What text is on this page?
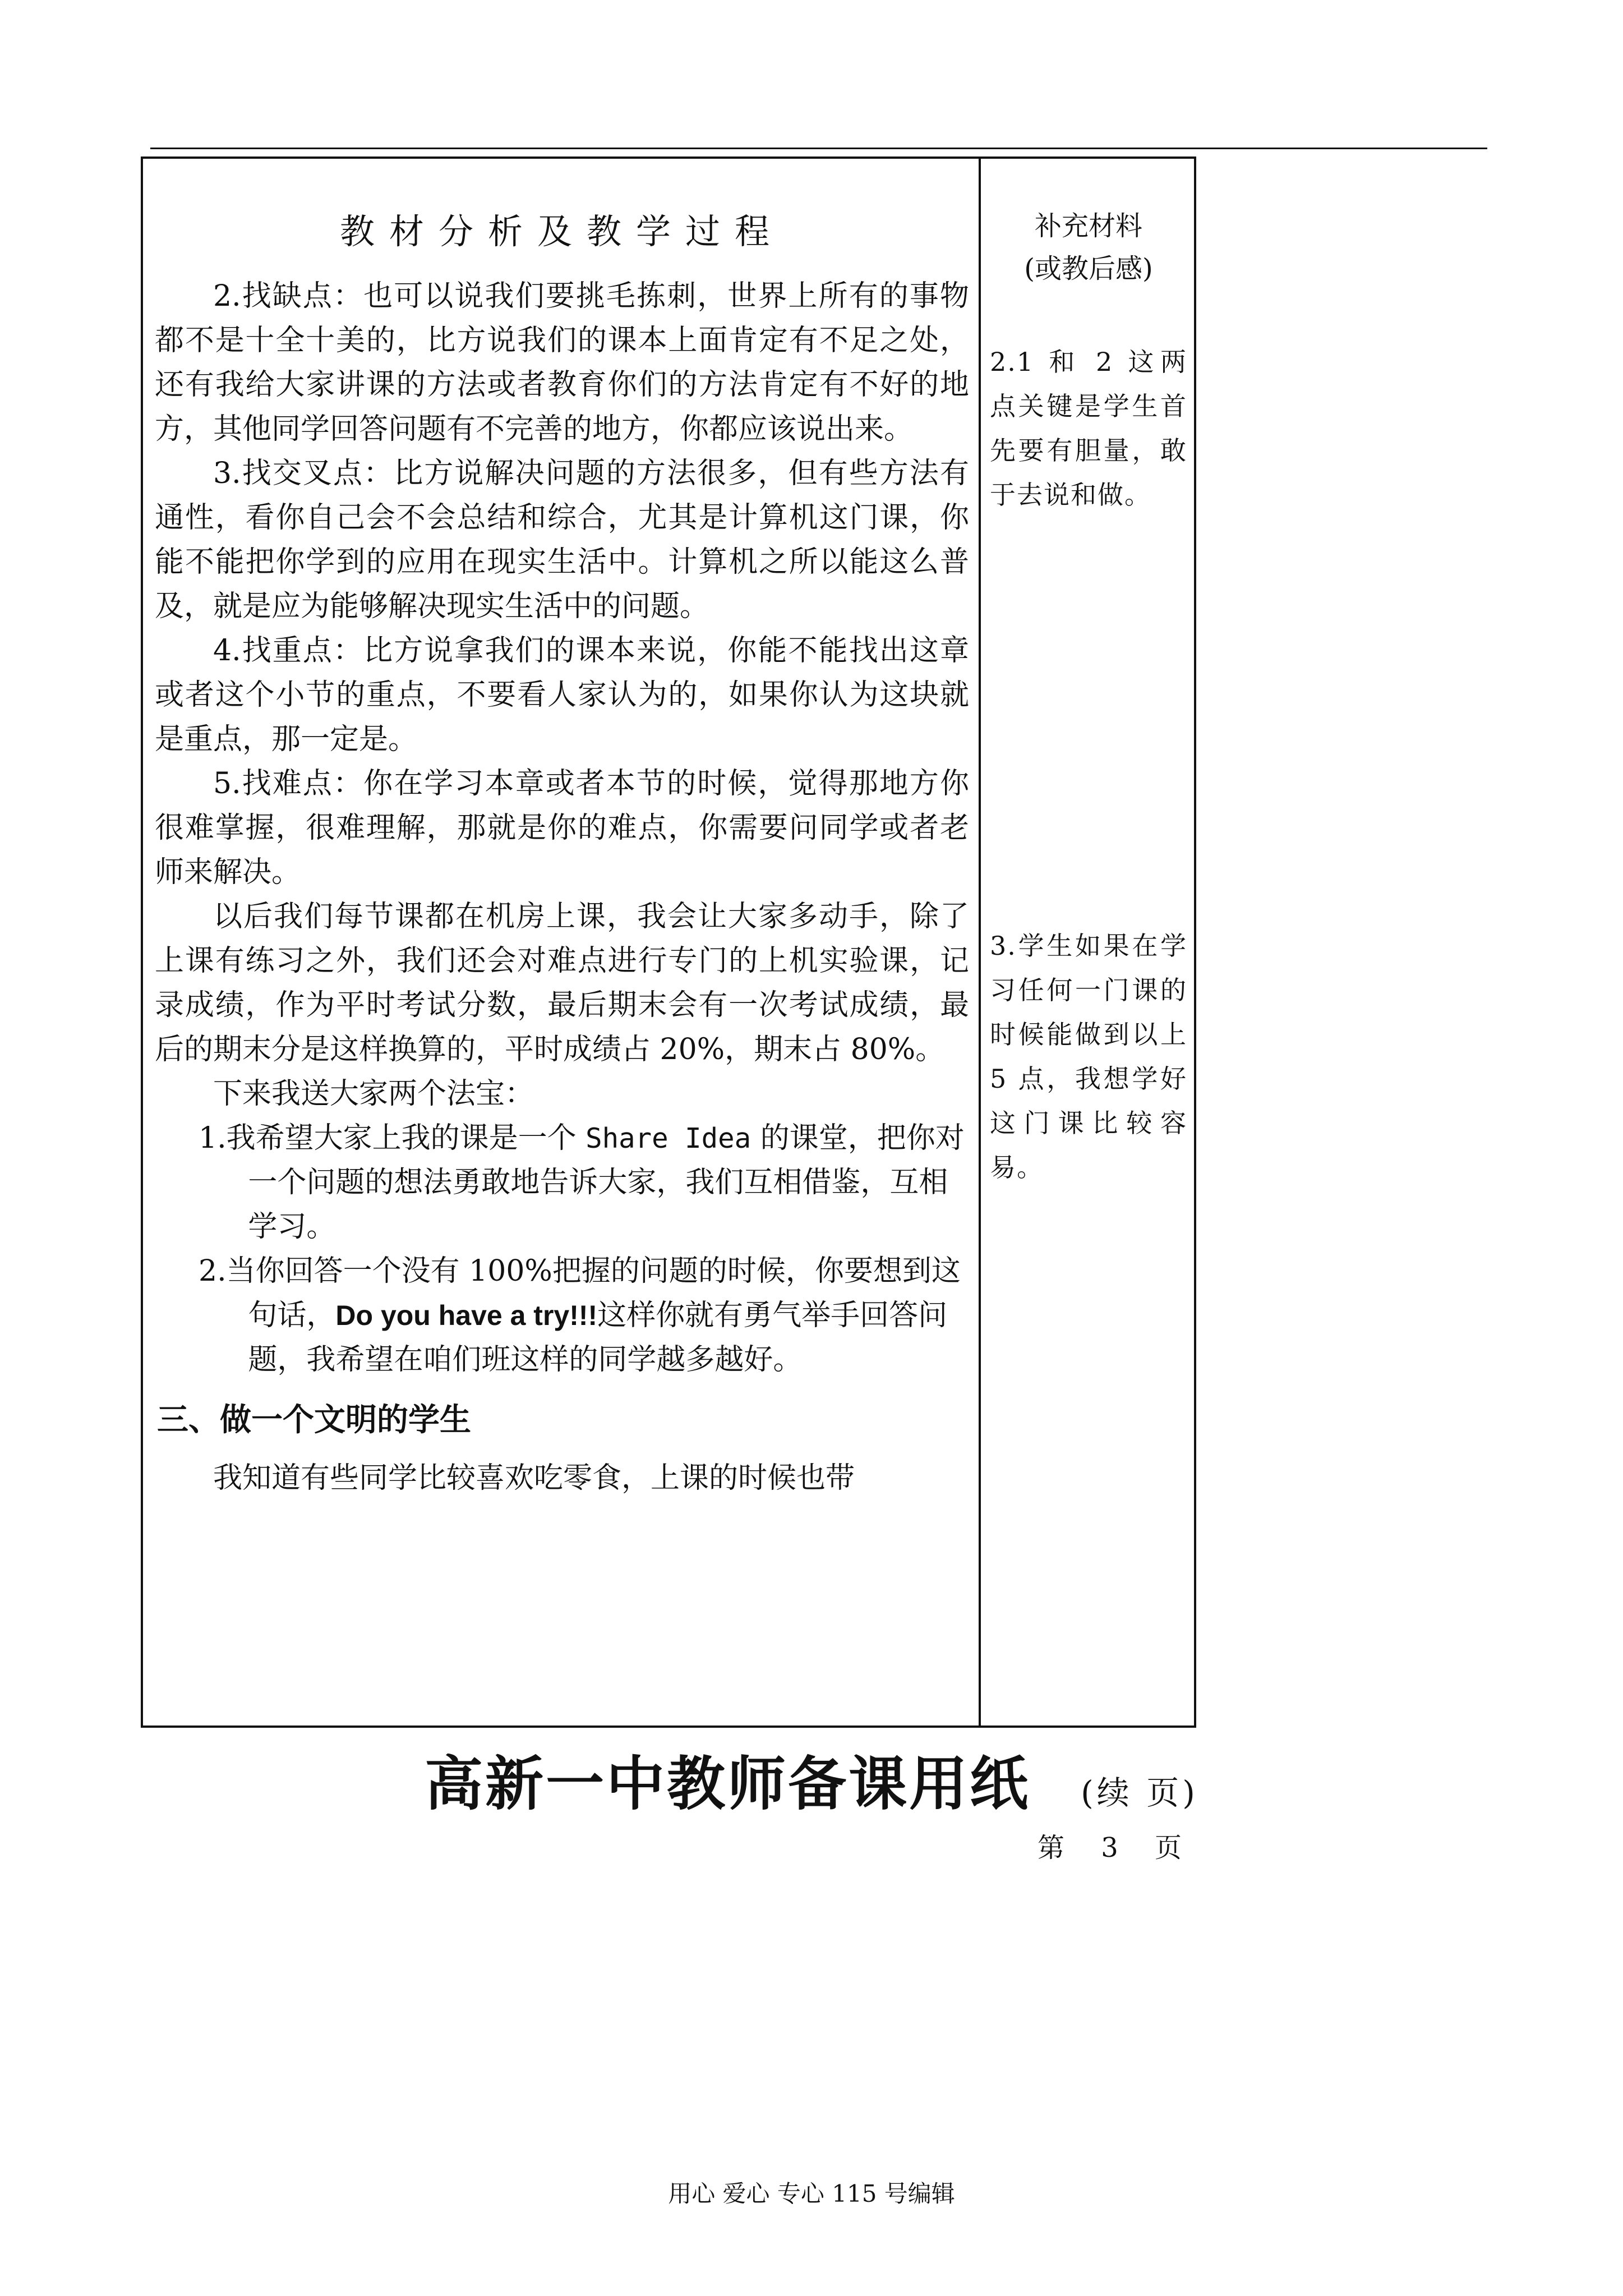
教材分析及教学过程

2.找缺点：也可以说我们要挑毛拣刺，世界上所有的事物都不是十全十美的，比方说我们的课本上面肯定有不足之处，还有我给大家讲课的方法或者教育你们的方法肯定有不好的地方，其他同学回答问题有不完善的地方，你都应该说出来。

3.找交叉点：比方说解决问题的方法很多，但有些方法有通性，看你自己会不会总结和综合，尤其是计算机这门课，你能不能把你学到的应用在现实生活中。计算机之所以能这么普及，就是应为能够解决现实生活中的问题。

4.找重点：比方说拿我们的课本来说，你能不能找出这章或者这个小节的重点，不要看人家认为的，如果你认为这块就是重点，那一定是。

5.找难点：你在学习本章或者本节的时候，觉得那地方你很难掌握，很难理解，那就是你的难点，你需要问同学或者老师来解决。

以后我们每节课都在机房上课，我会让大家多动手，除了上课有练习之外，我们还会对难点进行专门的上机实验课，记录成绩，作为平时考试分数，最后期末会有一次考试成绩，最后的期末分是这样换算的，平时成绩占 20%，期末占 80%。

下来我送大家两个法宝：

1.我希望大家上我的课是一个 Share Idea 的课堂，把你对一个问题的想法勇敢地告诉大家，我们互相借鉴，互相学习。

2.当你回答一个没有 100%把握的问题的时候，你要想到这句话，Do you have a try!!!这样你就有勇气举手回答问题，我希望在咱们班这样的同学越多越好。

三、做一个文明的学生

我知道有些同学比较喜欢吃零食，上课的时候也带

补充材料
(或教后感)

2.1 和 2 这两点关键是学生首先要有胆量，敢于去说和做。

3.学生如果在学习任何一门课的时候能做到以上 5 点，我想学好这门课比较容易。

高新一中教师备课用纸 (续 页)
第 3 页
用心 爱心 专心 115 号编辑
